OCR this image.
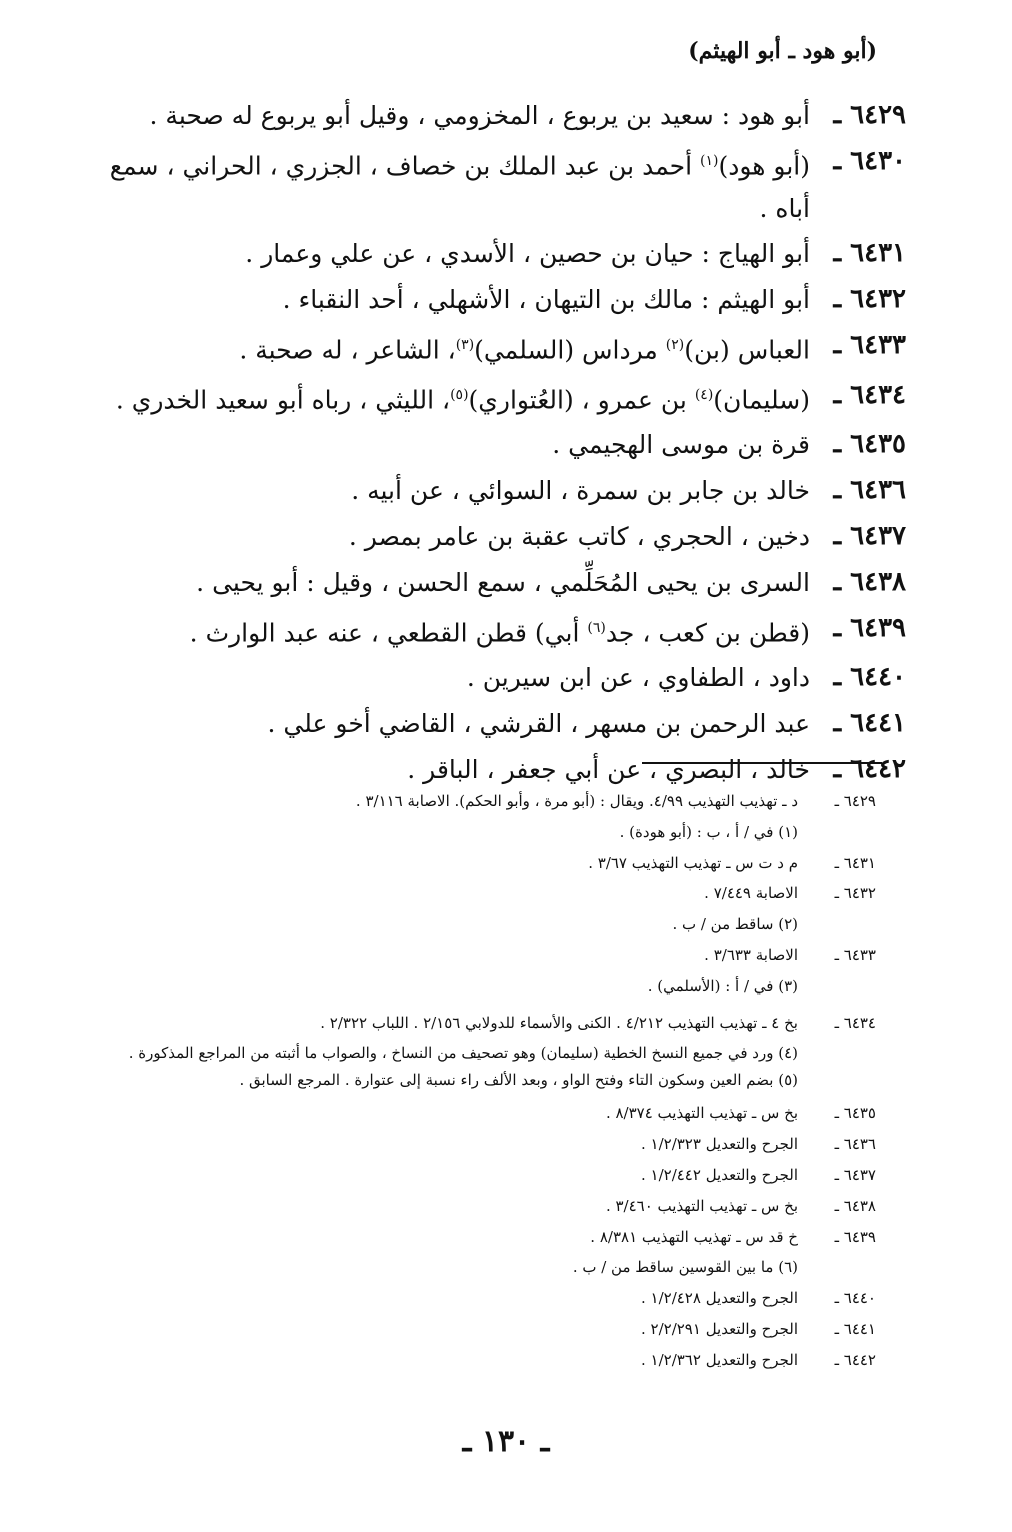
(أبو هود ـ أبو الهيثم)
٦٤٢٩ ـ
أبو هود : سعيد بن يربوع ، المخزومي ، وقيل أبو يربوع له صحبة .
٦٤٣٠ ـ
(أبو هود)$^{(١)}$ أحمد بن عبد الملك بن خصاف ، الجزري ، الحراني ، سمع أباه .
٦٤٣١ ـ
أبو الهياج : حيان بن حصين ، الأسدي ، عن علي وعمار .
٦٤٣٢ ـ
أبو الهيثم : مالك بن التيهان ، الأشهلي ، أحد النقباء .
٦٤٣٣ ـ
العباس (بن)$^{(٢)}$ مرداس (السلمي)$^{(٣)}$، الشاعر ، له صحبة .
٦٤٣٤ ـ
(سليمان)$^{(٤)}$ بن عمرو ، (العُتواري)$^{(٥)}$، الليثي ، رباه أبو سعيد الخدري .
٦٤٣٥ ـ
قرة بن موسى الهجيمي .
٦٤٣٦ ـ
خالد بن جابر بن سمرة ، السوائي ، عن أبيه .
٦٤٣٧ ـ
دخين ، الحجري ، كاتب عقبة بن عامر بمصر .
٦٤٣٨ ـ
السرى بن يحيى المُحَلِّمي ، سمع الحسن ، وقيل : أبو يحيى .
٦٤٣٩ ـ
(قطن بن كعب ، جد$^{(٦)}$ أبي) قطن القطعي ، عنه عبد الوارث .
٦٤٤٠ ـ
داود ، الطفاوي ، عن ابن سيرين .
٦٤٤١ ـ
عبد الرحمن بن مسهر ، القرشي ، القاضي أخو علي .
٦٤٤٢ ـ
خالد ، البصري ، عن أبي جعفر ، الباقر .
٦٤٢٩ ـ
د ـ تهذيب التهذيب ٤/٩٩. ويقال : (أبو مرة ، وأبو الحكم). الاصابة ٣/١١٦ .
(١) في / أ ، ب : (أبو هودة) .
٦٤٣١ ـ
م د ت س ـ تهذيب التهذيب ٣/٦٧ .
٦٤٣٢ ـ
الاصابة ٧/٤٤٩ .
(٢) ساقط من / ب .
٦٤٣٣ ـ
الاصابة ٣/٦٣٣ .
(٣) في / أ : (الأسلمي) .
٦٤٣٤ ـ
بخ ٤ ـ تهذيب التهذيب ٤/٢١٢ . الكنى والأسماء للدولابي ٢/١٥٦ . اللباب ٢/٣٢٢ .
(٤) ورد في جميع النسخ الخطية (سليمان) وهو تصحيف من النساخ ، والصواب ما أثبته من المراجع المذكورة .
(٥) بضم العين وسكون التاء وفتح الواو ، وبعد الألف راء نسبة إلى عتوارة . المرجع السابق .
٦٤٣٥ ـ
بخ س ـ تهذيب التهذيب ٨/٣٧٤ .
٦٤٣٦ ـ
الجرح والتعديل ١/٢/٣٢٣ .
٦٤٣٧ ـ
الجرح والتعديل ١/٢/٤٤٢ .
٦٤٣٨ ـ
بخ س ـ تهذيب التهذيب ٣/٤٦٠ .
٦٤٣٩ ـ
خ قد س ـ تهذيب التهذيب ٨/٣٨١ .
(٦) ما بين القوسين ساقط من / ب .
٦٤٤٠ ـ
الجرح والتعديل ١/٢/٤٢٨ .
٦٤٤١ ـ
الجرح والتعديل ٢/٢/٢٩١ .
٦٤٤٢ ـ
الجرح والتعديل ١/٢/٣٦٢ .
ـ ١٣٠ ـ
